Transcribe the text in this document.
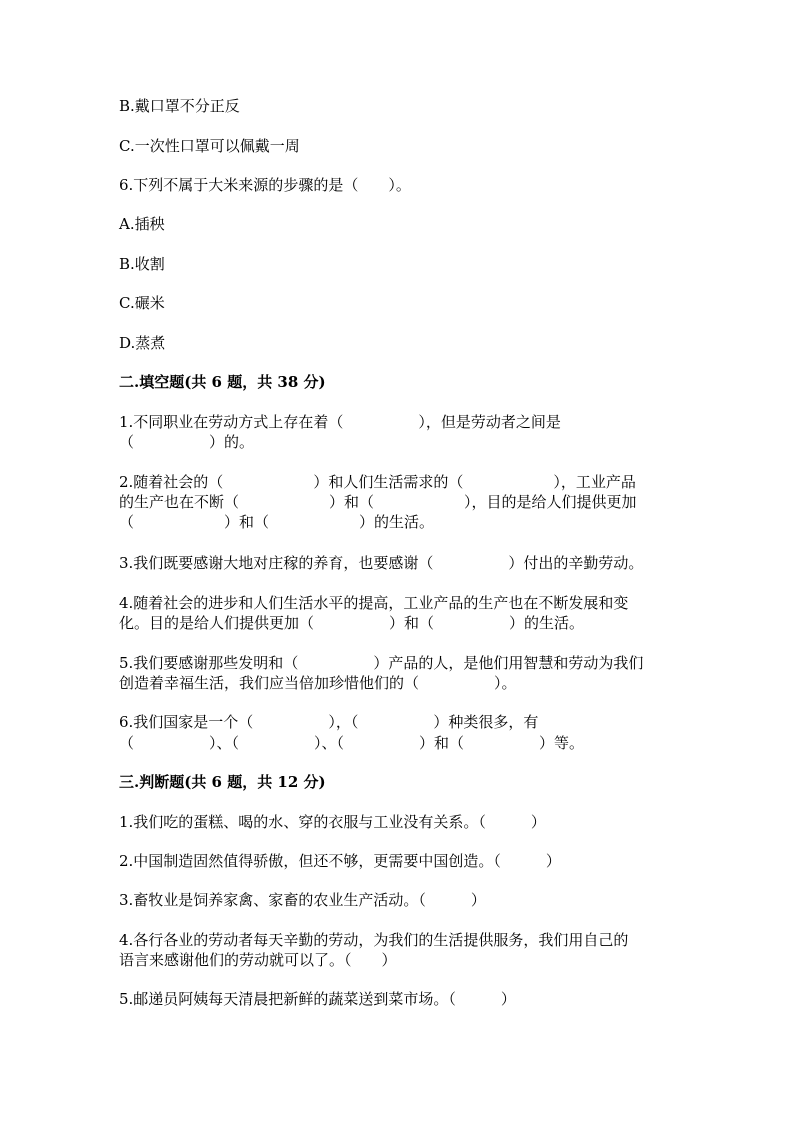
B.戴口罩不分正反

C.一次性口罩可以佩戴一周

6.下列不属于大米来源的步骤的是（　　）。

A.插秧

B.收割

C.碾米

D.蒸煮

二.填空题(共 6 题，共 38 分)

1.不同职业在劳动方式上存在着（　　　　　），但是劳动者之间是

（　　　　　）的。

2.随着社会的（　　　　　　）和人们生活需求的（　　　　　　），工业产品

的生产也在不断（　　　　　　）和（　　　　　　），目的是给人们提供更加

（　　　　　　）和（　　　　　　）的生活。

3.我们既要感谢大地对庄稼的养育，也要感谢（　　　　　）付出的辛勤劳动。

4.随着社会的进步和人们生活水平的提高，工业产品的生产也在不断发展和变

化。目的是给人们提供更加（　　　　　）和（　　　　　）的生活。

5.我们要感谢那些发明和（　　　　　）产品的人，是他们用智慧和劳动为我们

创造着幸福生活，我们应当倍加珍惜他们的（　　　　　）。

6.我们国家是一个（　　　　　），（　　　　　）种类很多，有

（　　　　　）、（　　　　　）、（　　　　　）和（　　　　　）等。

三.判断题(共 6 题，共 12 分)

1.我们吃的蛋糕、喝的水、穿的衣服与工业没有关系。（　　　）

2.中国制造固然值得骄傲，但还不够，更需要中国创造。（　　　）

3.畜牧业是饲养家禽、家畜的农业生产活动。（　　　）

4.各行各业的劳动者每天辛勤的劳动，为我们的生活提供服务，我们用自己的

语言来感谢他们的劳动就可以了。（　　）

5.邮递员阿姨每天清晨把新鲜的蔬菜送到菜市场。（　　　）
